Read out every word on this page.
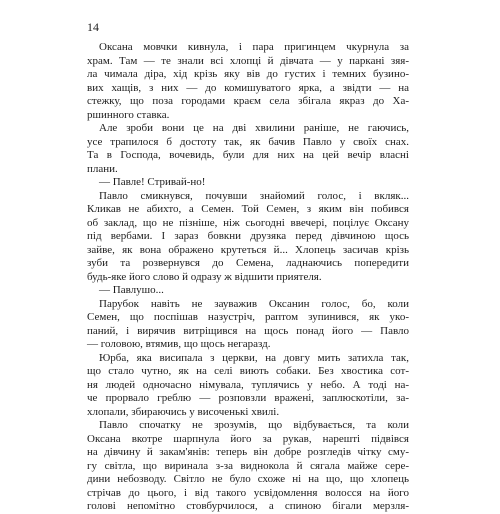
14
Оксана мовчки кивнула, і пара пригинцем чкурнула за
храм. Там — те знали всі хлопці й дівчата — у паркані зяя-
ла чимала діра, хід крізь яку вів до густих і темних бузино-
вих хащів, з них — до комишуватого ярка, а звідти — на
стежку, що поза городами краєм села збігала якраз до Ха-
ршинного ставка.
Але зроби вони це на дві хвилини раніше, не гаючись,
усе трапилося б достоту так, як бачив Павло у своїх снах.
Та в Господа, вочевидь, були для них на цей вечір власні
плани.
— Павле! Стривай-но!
Павло смикнувся, почувши знайомий голос, і вкляк...
Кликав не абихто, а Семен. Той Семен, з яким він побився
об заклад, що не пізніше, ніж сьогодні ввечері, поцілує Оксану
під вербами. І зараз бовкни друзяка перед дівчиною щось
зайве, як вона ображено крутеться й... Хлопець засичав крізь
зуби та розвернувся до Семена, ладнаючись попередити
будь-яке його слово й одразу ж відшити приятеля.
— Павлушо...
Парубок навіть не зауважив Оксанин голос, бо, коли
Семен, що поспішав назустріч, раптом зупинився, як уко-
паний, і вирячив витріщився на щось понад його — Павло
— головою, втямив, що щось негаразд.
Юрба, яка висипала з церкви, на довгу мить затихла так,
що стало чутно, як на селі виють собаки. Без хвостика сот-
ня людей одночасно німувала, туплячись у небо. А тоді на-
че прорвало греблю — розповзли вражені, заплюскотіли, за-
хлопали, збираючись у височенькі хвилі.
Павло спочатку не зрозумів, що відбувається, та коли
Оксана вкотре шарпнула його за рукав, нарешті підвівся
на дівчину й закам'янів: теперь він добре розгледів чітку сму-
гу світла, що виринала з-за виднокола й сягала майже сере-
дини небозводу. Світло не було схоже ні на що, що хлопець
стрічав до цього, і від такого усвідомлення волосся на його
голові непомітно стовбурчилося, а спиною бігали мерзля-
